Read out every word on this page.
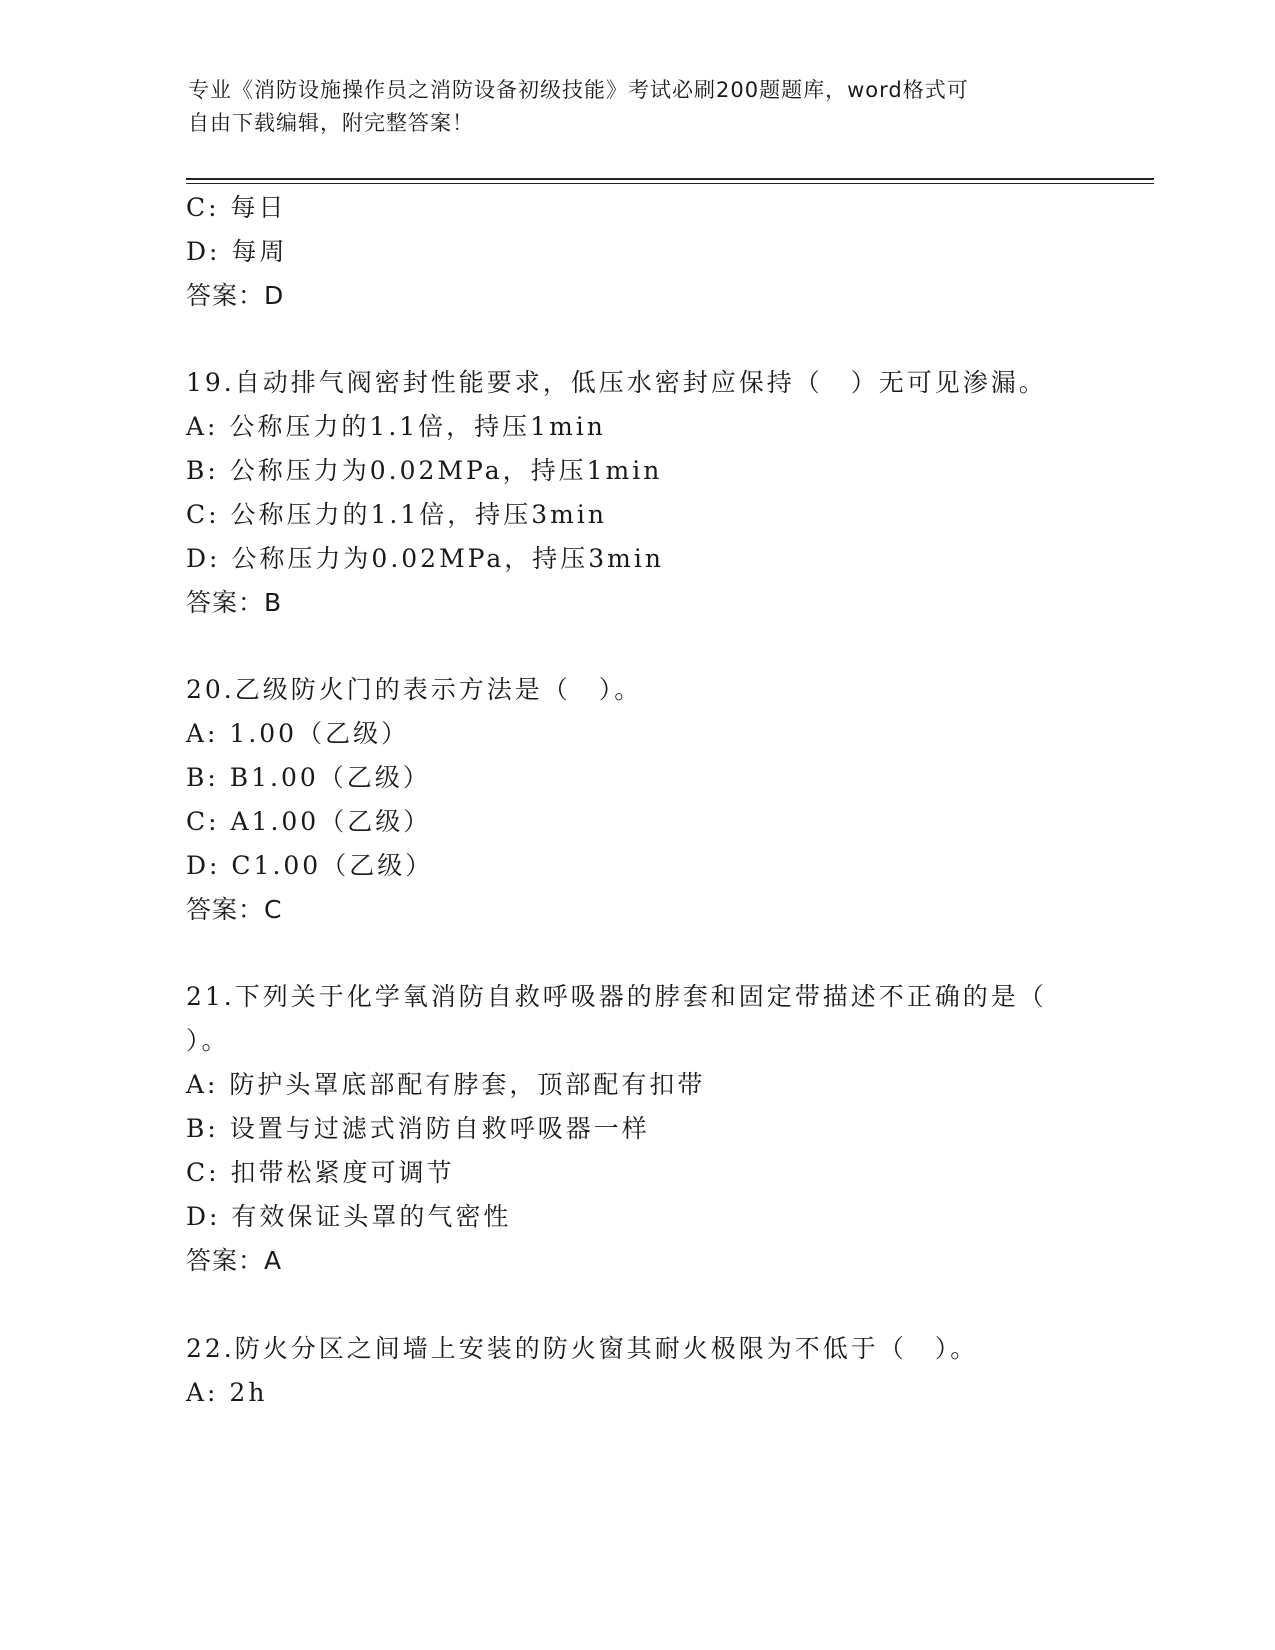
专业《消防设施操作员之消防设备初级技能》考试必刷200题题库，word格式可
自由下载编辑，附完整答案！
C: 每日
D: 每周
答案：D
19.自动排气阀密封性能要求，低压水密封应保持（　）无可见渗漏。
A: 公称压力的1.1倍，持压1min
B: 公称压力为0.02MPa，持压1min
C: 公称压力的1.1倍，持压3min
D: 公称压力为0.02MPa，持压3min
答案：B
20.乙级防火门的表示方法是（　）。
A: 1.00（乙级）
B: B1.00（乙级）
C: A1.00（乙级）
D: C1.00（乙级）
答案：C
21.下列关于化学氧消防自救呼吸器的脖套和固定带描述不正确的是（
）。
A: 防护头罩底部配有脖套，顶部配有扣带
B: 设置与过滤式消防自救呼吸器一样
C: 扣带松紧度可调节
D: 有效保证头罩的气密性
答案：A
22.防火分区之间墙上安装的防火窗其耐火极限为不低于（　）。
A: 2h
